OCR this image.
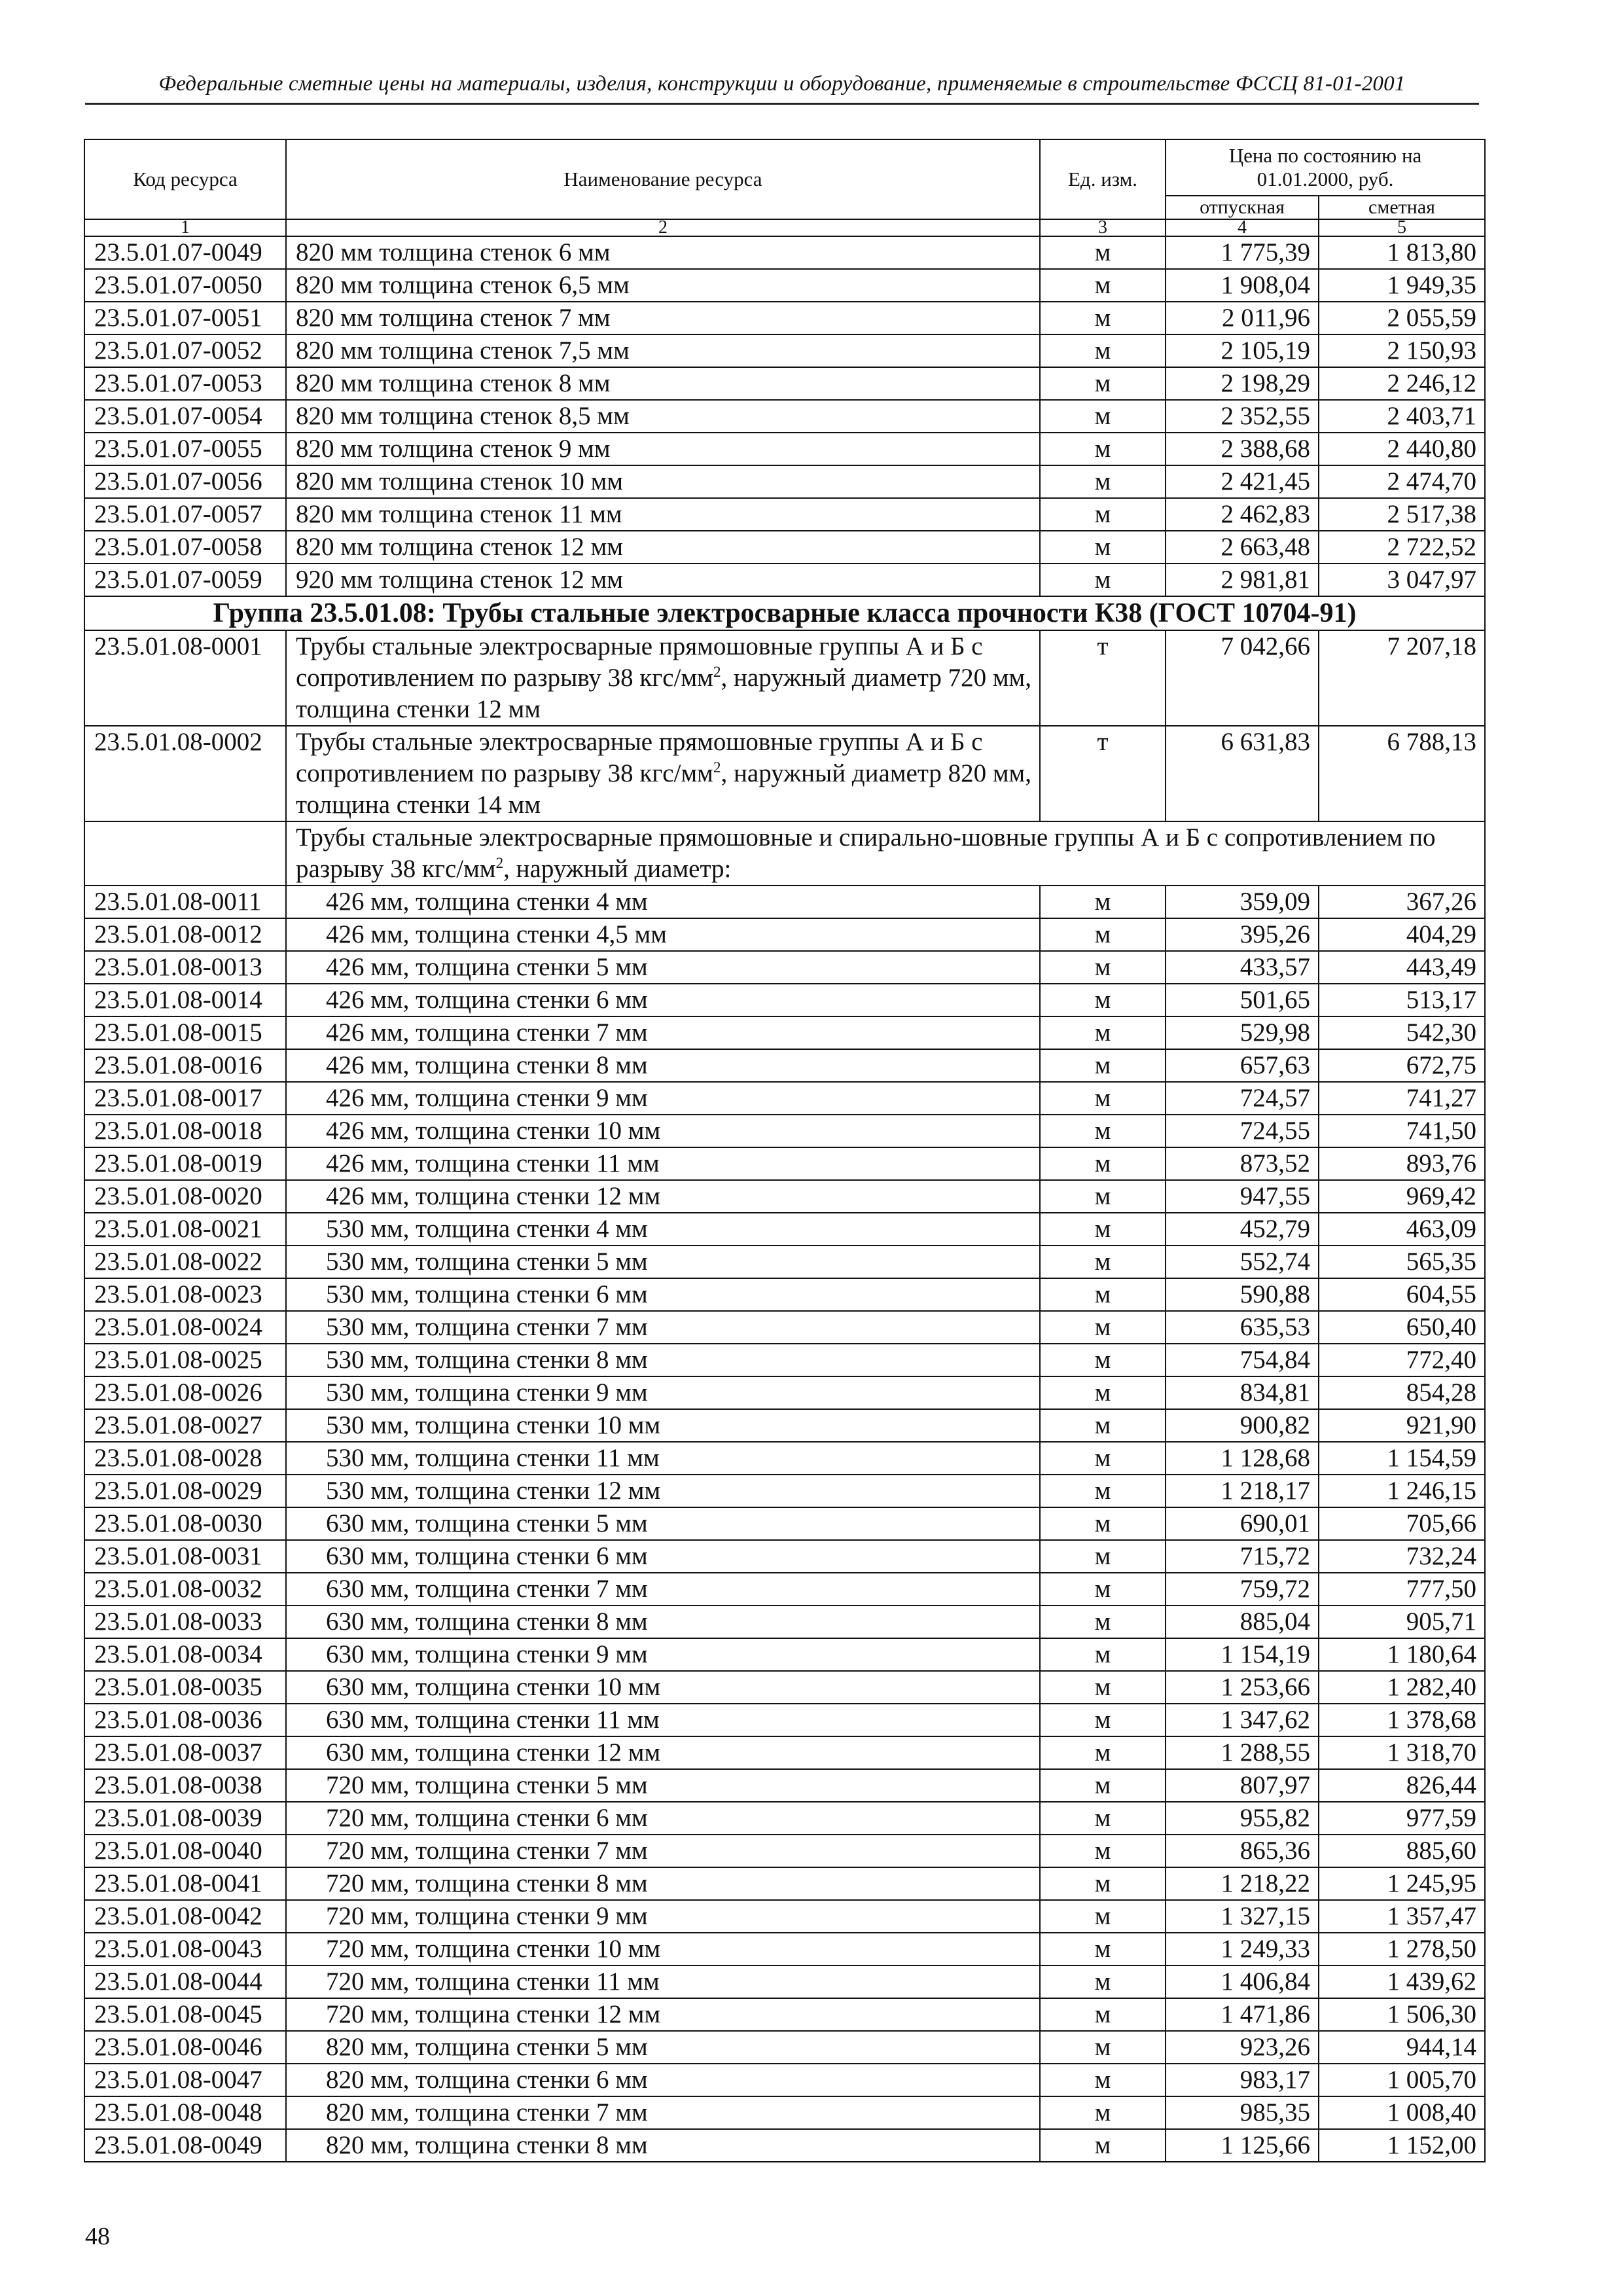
Федеральные сметные цены на материалы, изделия, конструкции и оборудование, применяемые в строительстве ФССЦ 81-01-2001
Код ресурса	Наименование ресурса	Ед. изм.	Цена по состоянию на 01.01.2000, руб.	
			отпускная	сметная
1	2	3	4	5
23.5.01.07-0049	820 мм толщина стенок 6 мм	м	1 775,39	1 813,80
23.5.01.07-0050	820 мм толщина стенок 6,5 мм	м	1 908,04	1 949,35
23.5.01.07-0051	820 мм толщина стенок 7 мм	м	2 011,96	2 055,59
23.5.01.07-0052	820 мм толщина стенок 7,5 мм	м	2 105,19	2 150,93
23.5.01.07-0053	820 мм толщина стенок 8 мм	м	2 198,29	2 246,12
23.5.01.07-0054	820 мм толщина стенок 8,5 мм	м	2 352,55	2 403,71
23.5.01.07-0055	820 мм толщина стенок 9 мм	м	2 388,68	2 440,80
23.5.01.07-0056	820 мм толщина стенок 10 мм	м	2 421,45	2 474,70
23.5.01.07-0057	820 мм толщина стенок 11 мм	м	2 462,83	2 517,38
23.5.01.07-0058	820 мм толщина стенок 12 мм	м	2 663,48	2 722,52
23.5.01.07-0059	920 мм толщина стенок 12 мм	м	2 981,81	3 047,97
Группа 23.5.01.08: Трубы стальные электросварные класса прочности К38 (ГОСТ 10704-91)				
23.5.01.08-0001	Трубы стальные электросварные прямошовные группы А и Б с сопротивлением по разрыву 38 кгс/$мм^2$, наружный диаметр 720 мм, толщина стенки 12 мм	т	7 042,66	7 207,18
23.5.01.08-0002	Трубы стальные электросварные прямошовные группы А и Б с сопротивлением по разрыву 38 кгс/$мм^2$, наружный диаметр 820 мм, толщина стенки 14 мм	т	6 631,83	6 788,13
	Трубы стальные электросварные прямошовные и спирально-шовные группы А и Б с сопротивлением по разрыву 38 кгс/$мм^2$, наружный диаметр:			
23.5.01.08-0011	426 мм, толщина стенки 4 мм	м	359,09	367,26
23.5.01.08-0012	426 мм, толщина стенки 4,5 мм	м	395,26	404,29
23.5.01.08-0013	426 мм, толщина стенки 5 мм	м	433,57	443,49
23.5.01.08-0014	426 мм, толщина стенки 6 мм	м	501,65	513,17
23.5.01.08-0015	426 мм, толщина стенки 7 мм	м	529,98	542,30
23.5.01.08-0016	426 мм, толщина стенки 8 мм	м	657,63	672,75
23.5.01.08-0017	426 мм, толщина стенки 9 мм	м	724,57	741,27
23.5.01.08-0018	426 мм, толщина стенки 10 мм	м	724,55	741,50
23.5.01.08-0019	426 мм, толщина стенки 11 мм	м	873,52	893,76
23.5.01.08-0020	426 мм, толщина стенки 12 мм	м	947,55	969,42
23.5.01.08-0021	530 мм, толщина стенки 4 мм	м	452,79	463,09
23.5.01.08-0022	530 мм, толщина стенки 5 мм	м	552,74	565,35
23.5.01.08-0023	530 мм, толщина стенки 6 мм	м	590,88	604,55
23.5.01.08-0024	530 мм, толщина стенки 7 мм	м	635,53	650,40
23.5.01.08-0025	530 мм, толщина стенки 8 мм	м	754,84	772,40
23.5.01.08-0026	530 мм, толщина стенки 9 мм	м	834,81	854,28
23.5.01.08-0027	530 мм, толщина стенки 10 мм	м	900,82	921,90
23.5.01.08-0028	530 мм, толщина стенки 11 мм	м	1 128,68	1 154,59
23.5.01.08-0029	530 мм, толщина стенки 12 мм	м	1 218,17	1 246,15
23.5.01.08-0030	630 мм, толщина стенки 5 мм	м	690,01	705,66
23.5.01.08-0031	630 мм, толщина стенки 6 мм	м	715,72	732,24
23.5.01.08-0032	630 мм, толщина стенки 7 мм	м	759,72	777,50
23.5.01.08-0033	630 мм, толщина стенки 8 мм	м	885,04	905,71
23.5.01.08-0034	630 мм, толщина стенки 9 мм	м	1 154,19	1 180,64
23.5.01.08-0035	630 мм, толщина стенки 10 мм	м	1 253,66	1 282,40
23.5.01.08-0036	630 мм, толщина стенки 11 мм	м	1 347,62	1 378,68
23.5.01.08-0037	630 мм, толщина стенки 12 мм	м	1 288,55	1 318,70
23.5.01.08-0038	720 мм, толщина стенки 5 мм	м	807,97	826,44
23.5.01.08-0039	720 мм, толщина стенки 6 мм	м	955,82	977,59
23.5.01.08-0040	720 мм, толщина стенки 7 мм	м	865,36	885,60
23.5.01.08-0041	720 мм, толщина стенки 8 мм	м	1 218,22	1 245,95
23.5.01.08-0042	720 мм, толщина стенки 9 мм	м	1 327,15	1 357,47
23.5.01.08-0043	720 мм, толщина стенки 10 мм	м	1 249,33	1 278,50
23.5.01.08-0044	720 мм, толщина стенки 11 мм	м	1 406,84	1 439,62
23.5.01.08-0045	720 мм, толщина стенки 12 мм	м	1 471,86	1 506,30
23.5.01.08-0046	820 мм, толщина стенки 5 мм	м	923,26	944,14
23.5.01.08-0047	820 мм, толщина стенки 6 мм	м	983,17	1 005,70
23.5.01.08-0048	820 мм, толщина стенки 7 мм	м	985,35	1 008,40
23.5.01.08-0049	820 мм, толщина стенки 8 мм	м	1 125,66	1 152,00
48
